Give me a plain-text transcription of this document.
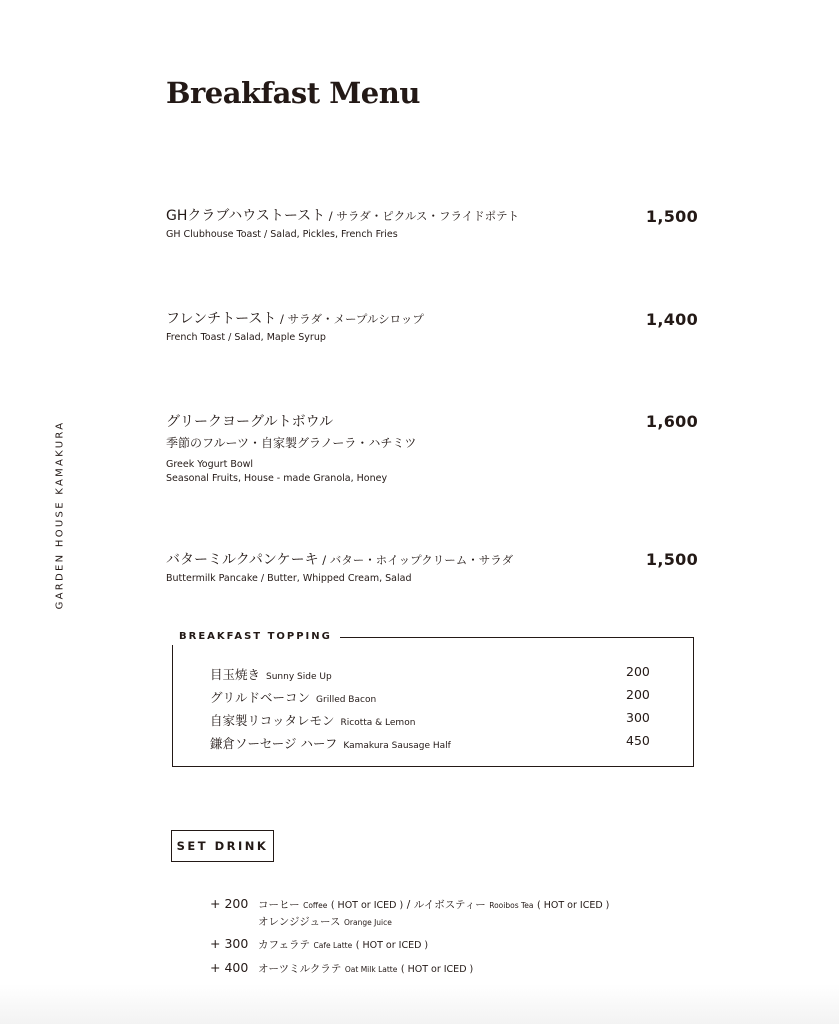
Breakfast Menu
GARDEN HOUSE KAMAKURA
GHクラブハウストースト / サラダ・ピクルス・フライドポテト
GH Clubhouse Toast / Salad, Pickles, French Fries
1,500
フレンチトースト / サラダ・メープルシロップ
French Toast / Salad, Maple Syrup
1,400
グリークヨーグルトボウル
季節のフルーツ・自家製グラノーラ・ハチミツ
Greek Yogurt Bowl
Seasonal Fruits, House - made Granola, Honey
1,600
バターミルクパンケーキ / バター・ホイップクリーム・サラダ
Buttermilk Pancake / Butter, Whipped Cream, Salad
1,500
BREAKFAST TOPPING
目玉焼き Sunny Side Up	200
グリルドベーコン Grilled Bacon	200
自家製リコッタレモン Ricotta & Lemon	300
鎌倉ソーセージ ハーフ Kamakura Sausage Half	450
SET DRINK
+ 200 コーヒー Coffee ( HOT or ICED ) / ルイボスティー Rooibos Tea ( HOT or ICED )
オレンジジュース Orange Juice
+ 300 カフェラテ Cafe Latte ( HOT or ICED )
+ 400 オーツミルクラテ Oat Milk Latte ( HOT or ICED )
